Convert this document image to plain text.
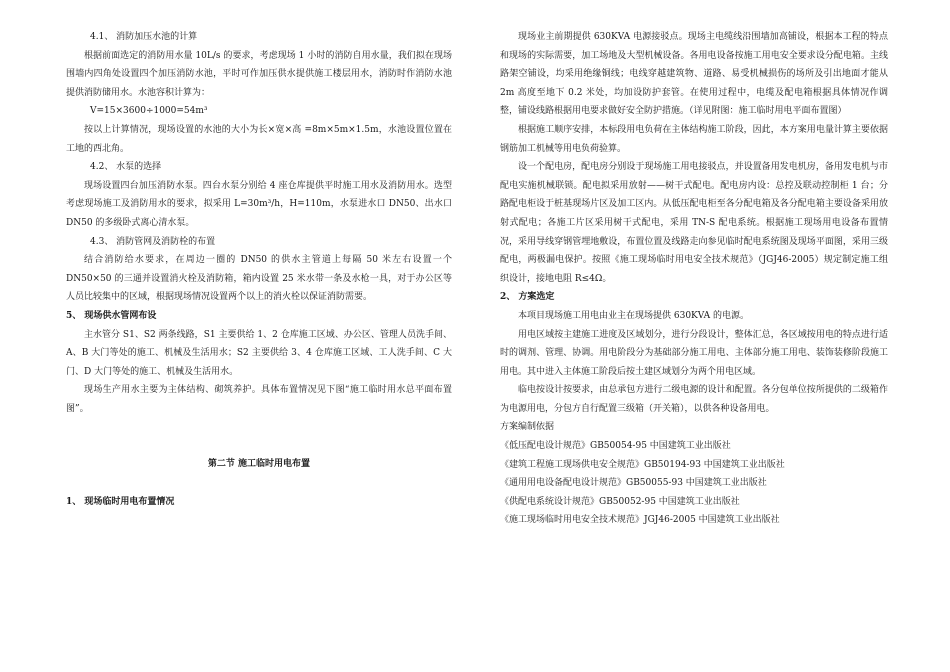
4.1、 消防加压水池的计算

根据前面选定的消防用水量 10L/s 的要求，考虑现场 1 小时的消防自用水量，我们拟在现场围墙内四角处设置四个加压消防水池，平时可作加压供水提供施工楼层用水，消防时作消防水池提供消防储用水。水池容积计算为：

V=15×3600÷1000=54m³

按以上计算情况，现场设置的水池的大小为长×宽×高 =8m×5m×1.5m，水池设置位置在工地的西北角。

4.2、 水泵的选择

现场设置四台加压消防水泵。四台水泵分别给 4 座仓库提供平时施工用水及消防用水。选型考虑现场施工及消防用水的要求，拟采用 L=30m³/h，H=110m，水泵进水口 DN50、出水口DN50 的多级卧式离心清水泵。

4.3、 消防管网及消防栓的布置

结合消防给水要求，在周边一圈的 DN50 的供水主管道上每隔 50 米左右设置一个 DN50×50 的三通并设置消火栓及消防箱，箱内设置 25 米水带一条及水枪一具，对于办公区等人员比较集中的区域，根据现场情况设置两个以上的消火栓以保证消防需要。

5、 现场供水管网布设

主水管分 S1、S2 两条线路，S1 主要供给 1、2 仓库施工区域、办公区、管理人员洗手间、A、B 大门等处的施工、机械及生活用水；S2 主要供给 3、4 仓库施工区域、工人洗手间、C 大门、D 大门等处的施工、机械及生活用水。

现场生产用水主要为主体结构、砌筑养护。具体布置情况见下图“施工临时用水总平面布置图”。

第二节 施工临时用电布置

1、 现场临时用电布置情况

现场业主前期提供 630KVA 电源接驳点。现场主电缆线沿围墙加高铺设，根据本工程的特点和现场的实际需要，加工场地及大型机械设备。各用电设备按施工用电安全要求设分配电箱。主线路架空铺设，均采用绝缘铜线；电线穿越建筑物、道路、易受机械损伤的场所及引出地面才能从 2m 高度至地下 0.2 米处，均加设防护套管。在使用过程中，电缆及配电箱根据具体情况作调整，铺设线路根据用电要求做好安全防护措施。（详见附图：施工临时用电平面布置图）

根据施工顺序安排，本标段用电负荷在主体结构施工阶段，因此，本方案用电量计算主要依据钢筋加工机械等用电负荷验算。

设一个配电房，配电房分别设于现场施工用电接驳点，并设置备用发电机房，备用发电机与市配电实施机械联锁。配电拟采用放射——树干式配电。配电房内设：总控及联动控制柜 1 台；分路配电柜设于桩基现场片区及加工区内。从低压配电柜至各分配电箱及各分配电箱主要设备采用放射式配电；各施工片区采用树干式配电，采用 TN-S 配电系统。根据施工现场用电设备布置情况，采用导线穿钢管埋地敷设，布置位置及线路走向参见临时配电系统图及现场平面图，采用三级配电，两极漏电保护。按照《施工现场临时用电安全技术规范》（JGJ46-2005）规定制定施工组织设计，接地电阻 R≤4Ω。

2、 方案选定

本项目现场施工用电由业主在现场提供 630KVA 的电源。

用电区域按主建施工进度及区域划分，进行分段设计，整体汇总，各区域按用电的特点进行适时的调剂、管理、协调。用电阶段分为基础部分施工用电、主体部分施工用电、装饰装修阶段施工用电。其中进入主体施工阶段后按土建区域划分为两个用电区域。

临电按设计按要求，由总承包方进行二级电源的设计和配置。各分包单位按所提供的二级箱作为电源用电，分包方自行配置三级箱（开关箱），以供各种设备用电。

方案编制依据

《低压配电设计规范》GB50054-95 中国建筑工业出版社

《建筑工程施工现场供电安全规范》GB50194-93 中国建筑工业出版社

《通用用电设备配电设计规范》GB50055-93 中国建筑工业出版社

《供配电系统设计规范》GB50052-95 中国建筑工业出版社

《施工现场临时用电安全技术规范》JGJ46-2005 中国建筑工业出版社
